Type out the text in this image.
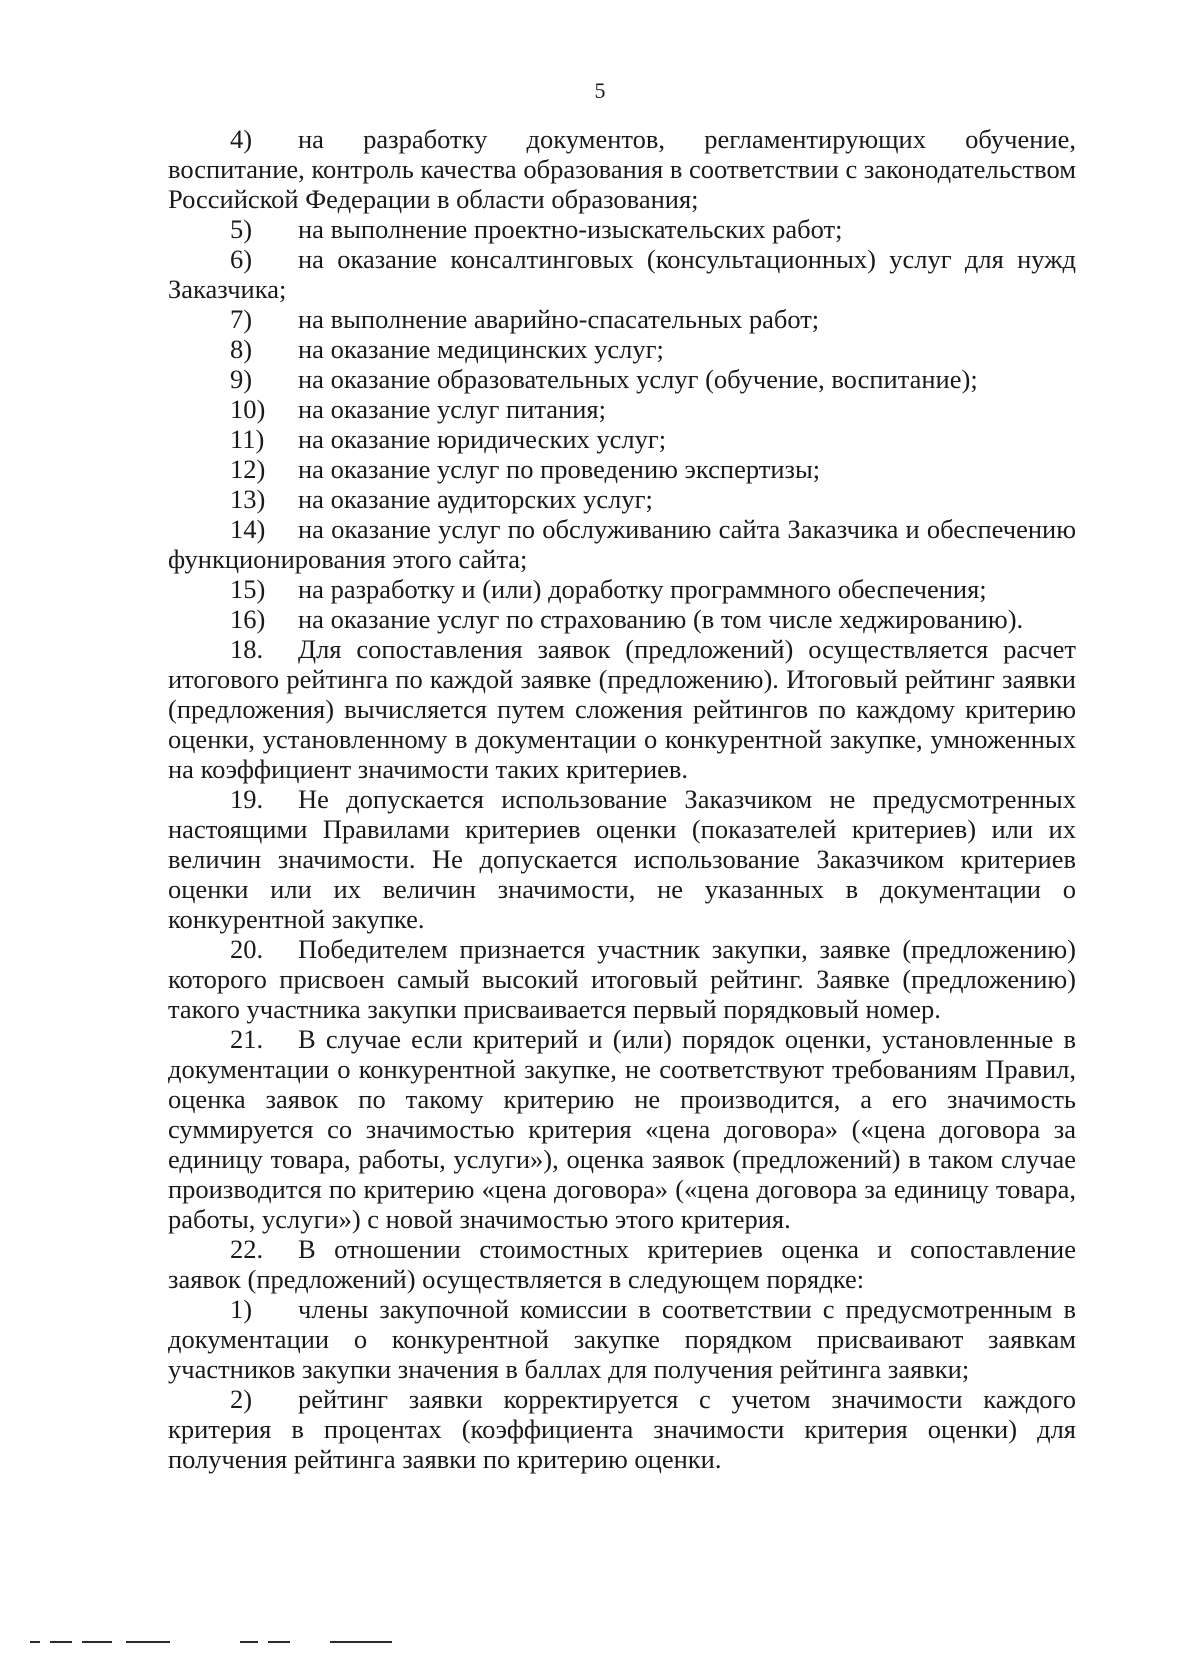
5

4) на разработку документов, регламентирующих обучение, воспитание, контроль качества образования в соответствии с законодательством Российской Федерации в области образования;

5) на выполнение проектно-изыскательских работ;

6) на оказание консалтинговых (консультационных) услуг для нужд Заказчика;

7) на выполнение аварийно-спасательных работ;

8) на оказание медицинских услуг;

9) на оказание образовательных услуг (обучение, воспитание);

10) на оказание услуг питания;

11) на оказание юридических услуг;

12) на оказание услуг по проведению экспертизы;

13) на оказание аудиторских услуг;

14) на оказание услуг по обслуживанию сайта Заказчика и обеспечению функционирования этого сайта;

15) на разработку и (или) доработку программного обеспечения;

16) на оказание услуг по страхованию (в том числе хеджированию).

18. Для сопоставления заявок (предложений) осуществляется расчет итогового рейтинга по каждой заявке (предложению). Итоговый рейтинг заявки (предложения) вычисляется путем сложения рейтингов по каждому критерию оценки, установленному в документации о конкурентной закупке, умноженных на коэффициент значимости таких критериев.

19. Не допускается использование Заказчиком не предусмотренных настоящими Правилами критериев оценки (показателей критериев) или их величин значимости. Не допускается использование Заказчиком критериев оценки или их величин значимости, не указанных в документации о конкурентной закупке.

20. Победителем признается участник закупки, заявке (предложению) которого присвоен самый высокий итоговый рейтинг. Заявке (предложению) такого участника закупки присваивается первый порядковый номер.

21. В случае если критерий и (или) порядок оценки, установленные в документации о конкурентной закупке, не соответствуют требованиям Правил, оценка заявок по такому критерию не производится, а его значимость суммируется со значимостью критерия «цена договора» («цена договора за единицу товара, работы, услуги»), оценка заявок (предложений) в таком случае производится по критерию «цена договора» («цена договора за единицу товара, работы, услуги») с новой значимостью этого критерия.

22. В отношении стоимостных критериев оценка и сопоставление заявок (предложений) осуществляется в следующем порядке:

1) члены закупочной комиссии в соответствии с предусмотренным в документации о конкурентной закупке порядком присваивают заявкам участников закупки значения в баллах для получения рейтинга заявки;

2) рейтинг заявки корректируется с учетом значимости каждого критерия в процентах (коэффициента значимости критерия оценки) для получения рейтинга заявки по критерию оценки.
